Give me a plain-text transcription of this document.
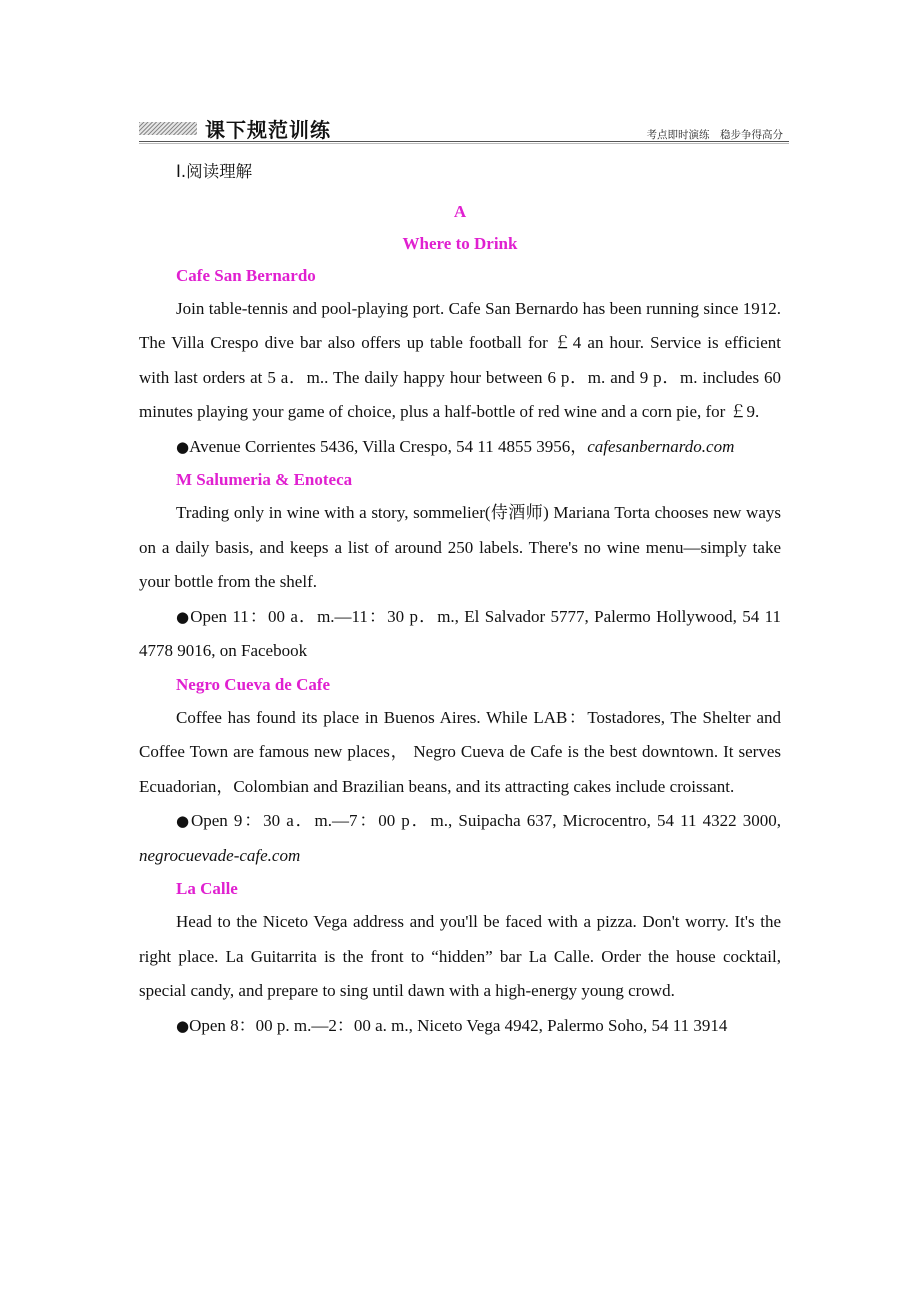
课下规范训练	考点即时演练　稳步争得高分
Ⅰ.阅读理解
A
Where to Drink
Cafe San Bernardo

Join table-tennis and pool-playing port. Cafe San Bernardo has been running since 1912. The Villa Crespo dive bar also offers up table football for ￡4 an hour. Service is efficient with last orders at 5 a．m.. The daily happy hour between 6 p．m. and 9 p．m. includes 60 minutes playing your game of choice, plus a half-bottle of red wine and a corn pie, for ￡9.

●Avenue Corrientes 5436, Villa Crespo, 54 11 4855 3956，cafesanbernardo.com

M Salumeria & Enoteca

Trading only in wine with a story, sommelier(侍酒师) Mariana Torta chooses new ways on a daily basis, and keeps a list of around 250 labels. There's no wine menu—simply take your bottle from the shelf.

●Open 11：00 a．m.—11：30 p．m., El Salvador 5777, Palermo Hollywood, 54 11 4778 9016, on Facebook

Negro Cueva de Cafe

Coffee has found its place in Buenos Aires. While LAB：Tostadores, The Shelter and Coffee Town are famous new places， Negro Cueva de Cafe is the best downtown. It serves Ecuadorian，Colombian and Brazilian beans, and its attracting cakes include croissant.

●Open 9：30 a．m.—7：00 p．m., Suipacha 637, Microcentro, 54 11 4322 3000, negrocuevade-cafe.com

La Calle

Head to the Niceto Vega address and you'll be faced with a pizza. Don't worry. It's the right place. La Guitarrita is the front to “hidden” bar La Calle. Order the house cocktail, special candy, and prepare to sing until dawn with a high-energy young crowd.

●Open 8：00 p. m.—2：00 a. m., Niceto Vega 4942, Palermo Soho, 54 11 3914
